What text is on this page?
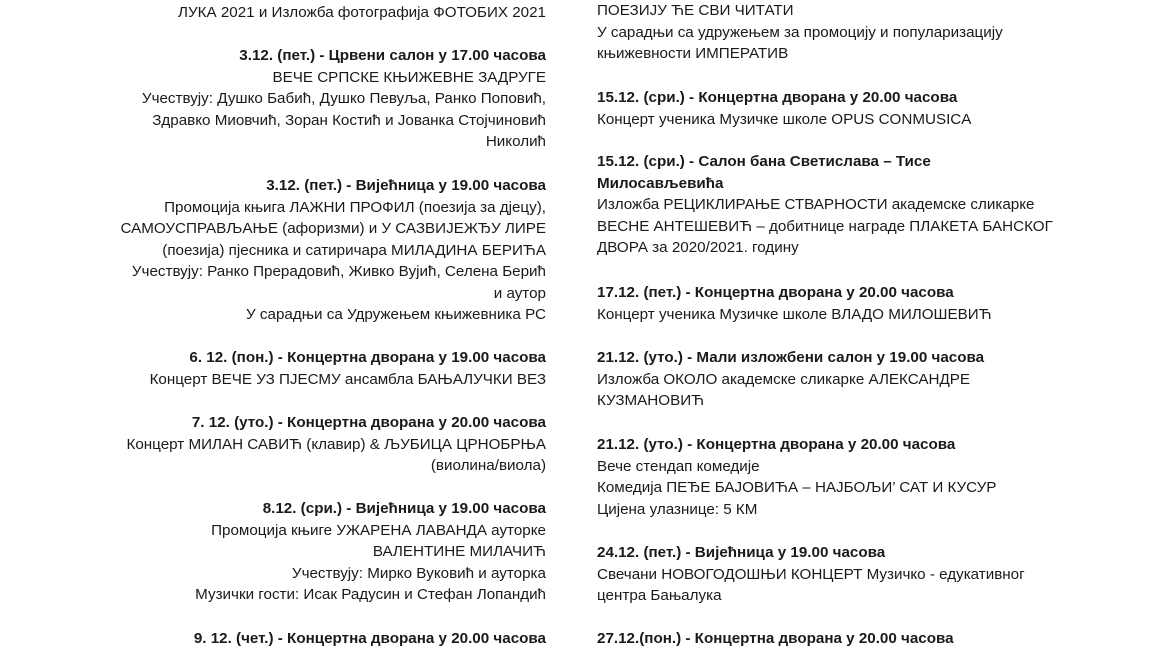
ЛУКА 2021 и Изложба фотографија ФОТОБИХ 2021
3.12. (пет.) - Црвени салон у 17.00 часова
ВЕЧЕ СРПСКЕ КЊИЖЕВНЕ ЗАДРУГЕ
Учествују: Душко Бабић, Душко Певуља, Ранко Поповић,
Здравко Миовчић, Зоран Костић и Јованка Стојчиновић
Николић
3.12. (пет.) - Вијећница у 19.00 часова
Промоција књига ЛАЖНИ ПРОФИЛ (поезија за дјецу),
САМОУСПРАВЉАЊЕ (афоризми) и У САЗВИЈЕЖЂУ ЛИРЕ
(поезија) пјесника и сатиричара МИЛАДИНА БЕРИЋА
Учествују: Ранко Прерадовић, Живко Вујић, Селена Берић
и аутор
У сарадњи са Удружењем књижевника РС
6. 12. (пон.) - Концертна дворана у 19.00 часова
Концерт ВЕЧЕ УЗ ПЈЕСМУ ансамбла БАЊАЛУЧКИ ВЕЗ
7. 12. (уто.) - Концертна дворана у 20.00 часова
Концерт МИЛАН САВИЋ (клавир) & ЉУБИЦА ЦРНОБРЊА
(виолина/виола)
8.12. (сри.) - Вијећница у 19.00 часова
Промоција књиге УЖАРЕНА ЛАВАНДА ауторке
ВАЛЕНТИНЕ МИЛАЧИЋ
Учествују: Мирко Вуковић и ауторка
Музички гости: Исак Радусин и Стефан Лопандић
9. 12. (чет.) - Концертна дворана у 20.00 часова
ПОЕЗИЈУ ЋЕ СВИ ЧИТАТИ
У сарадњи са удружењем за промоцију и популаризацију
књижевности ИМПЕРАТИВ
15.12. (сри.) - Концертна дворана у 20.00 часова
Концерт ученика Музичке школе OPUS CONMUSICA
15.12. (сри.) - Салон бана Светислава – Тисе Милосављевића
Изложба РЕЦИКЛИРАЊЕ СТВАРНОСТИ академске сликарке
ВЕСНЕ АНТЕШЕВИЋ – добитнице награде ПЛАКЕТА БАНСКОГ
ДВОРА за 2020/2021. годину
17.12. (пет.) - Концертна дворана у 20.00 часова
Концерт ученика Музичке школе ВЛАДО МИЛОШЕВИЋ
21.12. (уто.) - Мали изложбени салон у 19.00 часова
Изложба ОКОЛО академске сликарке АЛЕКСАНДРЕ
КУЗМАНОВИЋ
21.12. (уто.) - Концертна дворана у 20.00 часова
Вече стендап комедије
Комедија ПЕЂЕ БАЈОВИЋА – НАЈБОЉИ’ САТ И КУСУР
Цијена улазнице: 5 КМ
24.12. (пет.) - Вијећница у 19.00 часова
Свечани НОВОГОДОШЊИ КОНЦЕРТ Музичко - едукативног
центра Бањалука
27.12.(пон.) - Концертна дворана у 20.00 часова
